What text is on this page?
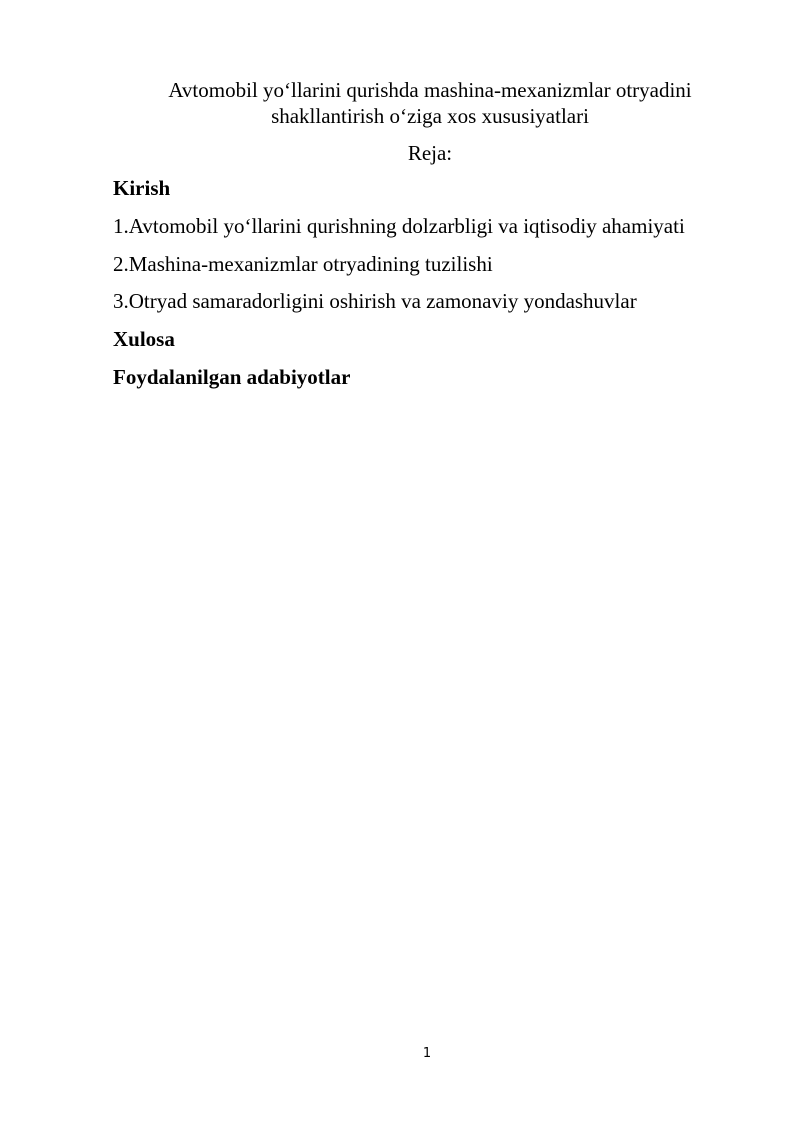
Avtomobil yo‘llarini qurishda mashina-mexanizmlar otryadini
shakllantirish o‘ziga xos xususiyatlari
Reja:
Kirish
1.Avtomobil yo‘llarini qurishning dolzarbligi va iqtisodiy ahamiyati
2.Mashina-mexanizmlar otryadining tuzilishi
3.Otryad samaradorligini oshirish va zamonaviy yondashuvlar
Xulosa
Foydalanilgan adabiyotlar
1
